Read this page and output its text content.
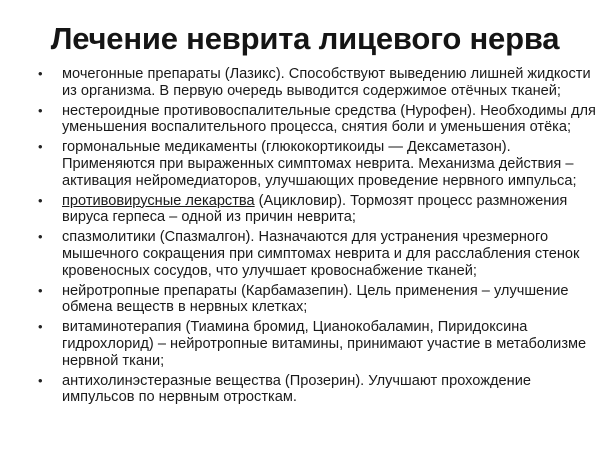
Лечение неврита лицевого нерва
• мочегонные препараты (Лазикс). Способствуют выведению лишней жидкости из организма. В первую очередь выводится содержимое отёчных тканей;
• нестероидные противовоспалительные средства (Нурофен). Необходимы для уменьшения воспалительного процесса, снятия боли и уменьшения отёка;
• гормональные медикаменты (глюкокортикоиды — Дексаметазон). Применяются при выраженных симптомах неврита. Механизма действия – активация нейромедиаторов, улучшающих проведение нервного импульса;
• противовирусные лекарства (Ацикловир). Тормозят процесс размножения вируса герпеса – одной из причин неврита;
• спазмолитики (Спазмалгон). Назначаются для устранения чрезмерного мышечного сокращения при симптомах неврита и для расслабления стенок кровеносных сосудов, что улучшает кровоснабжение тканей;
• нейротропные препараты (Карбамазепин). Цель применения – улучшение обмена веществ в нервных клетках;
• витаминотерапия (Тиамина бромид, Цианокобаламин, Пиридоксина гидрохлорид) – нейротропные витамины, принимают участие в метаболизме нервной ткани;
• антихолинэстеразные вещества (Прозерин). Улучшают прохождение импульсов по нервным отросткам.
